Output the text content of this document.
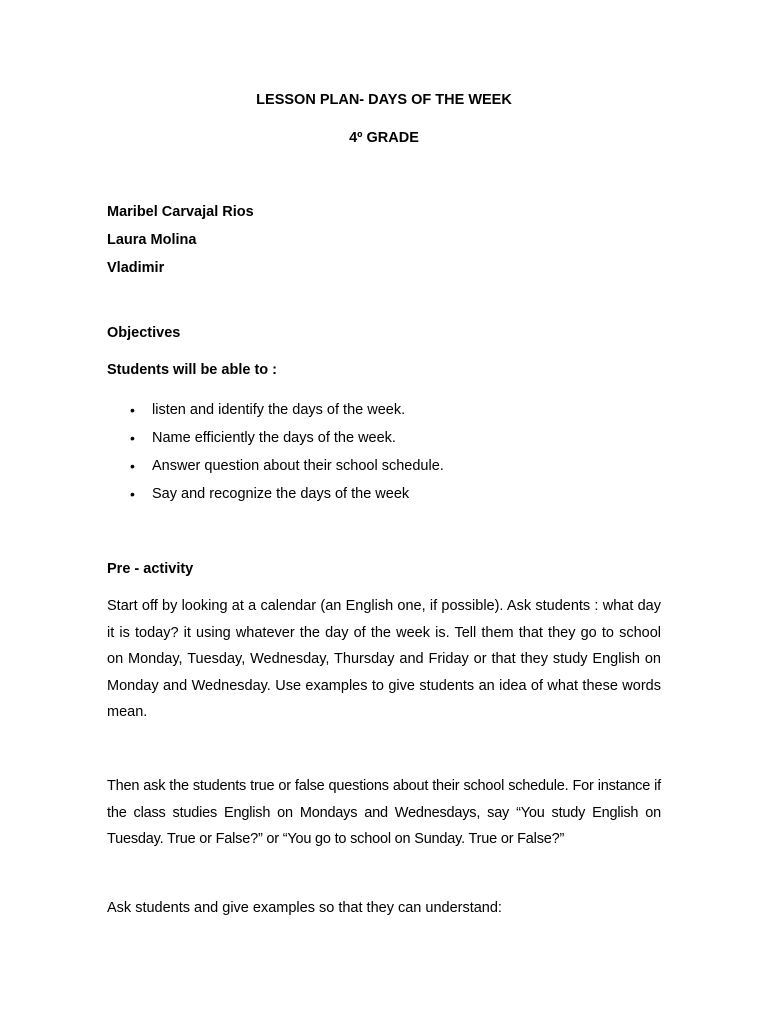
LESSON PLAN- DAYS OF THE WEEK
4º GRADE
Maribel Carvajal Rios
Laura Molina
Vladimir
Objectives
Students will be able to :
• listen and identify the days of the week.
• Name efficiently the days of the week.
• Answer question about their school schedule.
• Say and recognize the days of the week
Pre - activity
Start off by looking at a calendar (an English one, if possible). Ask students : what day it is today? it using whatever the day of the week is. Tell them that they go to school on Monday, Tuesday, Wednesday, Thursday and Friday or that they study English on Monday and Wednesday. Use examples to give students an idea of what these words mean.
Then ask the students true or false questions about their school schedule. For instance if the class studies English on Mondays and Wednesdays, say “You study English on Tuesday. True or False?” or “You go to school on Sunday. True or False?”
Ask students and give examples so that they can understand:
